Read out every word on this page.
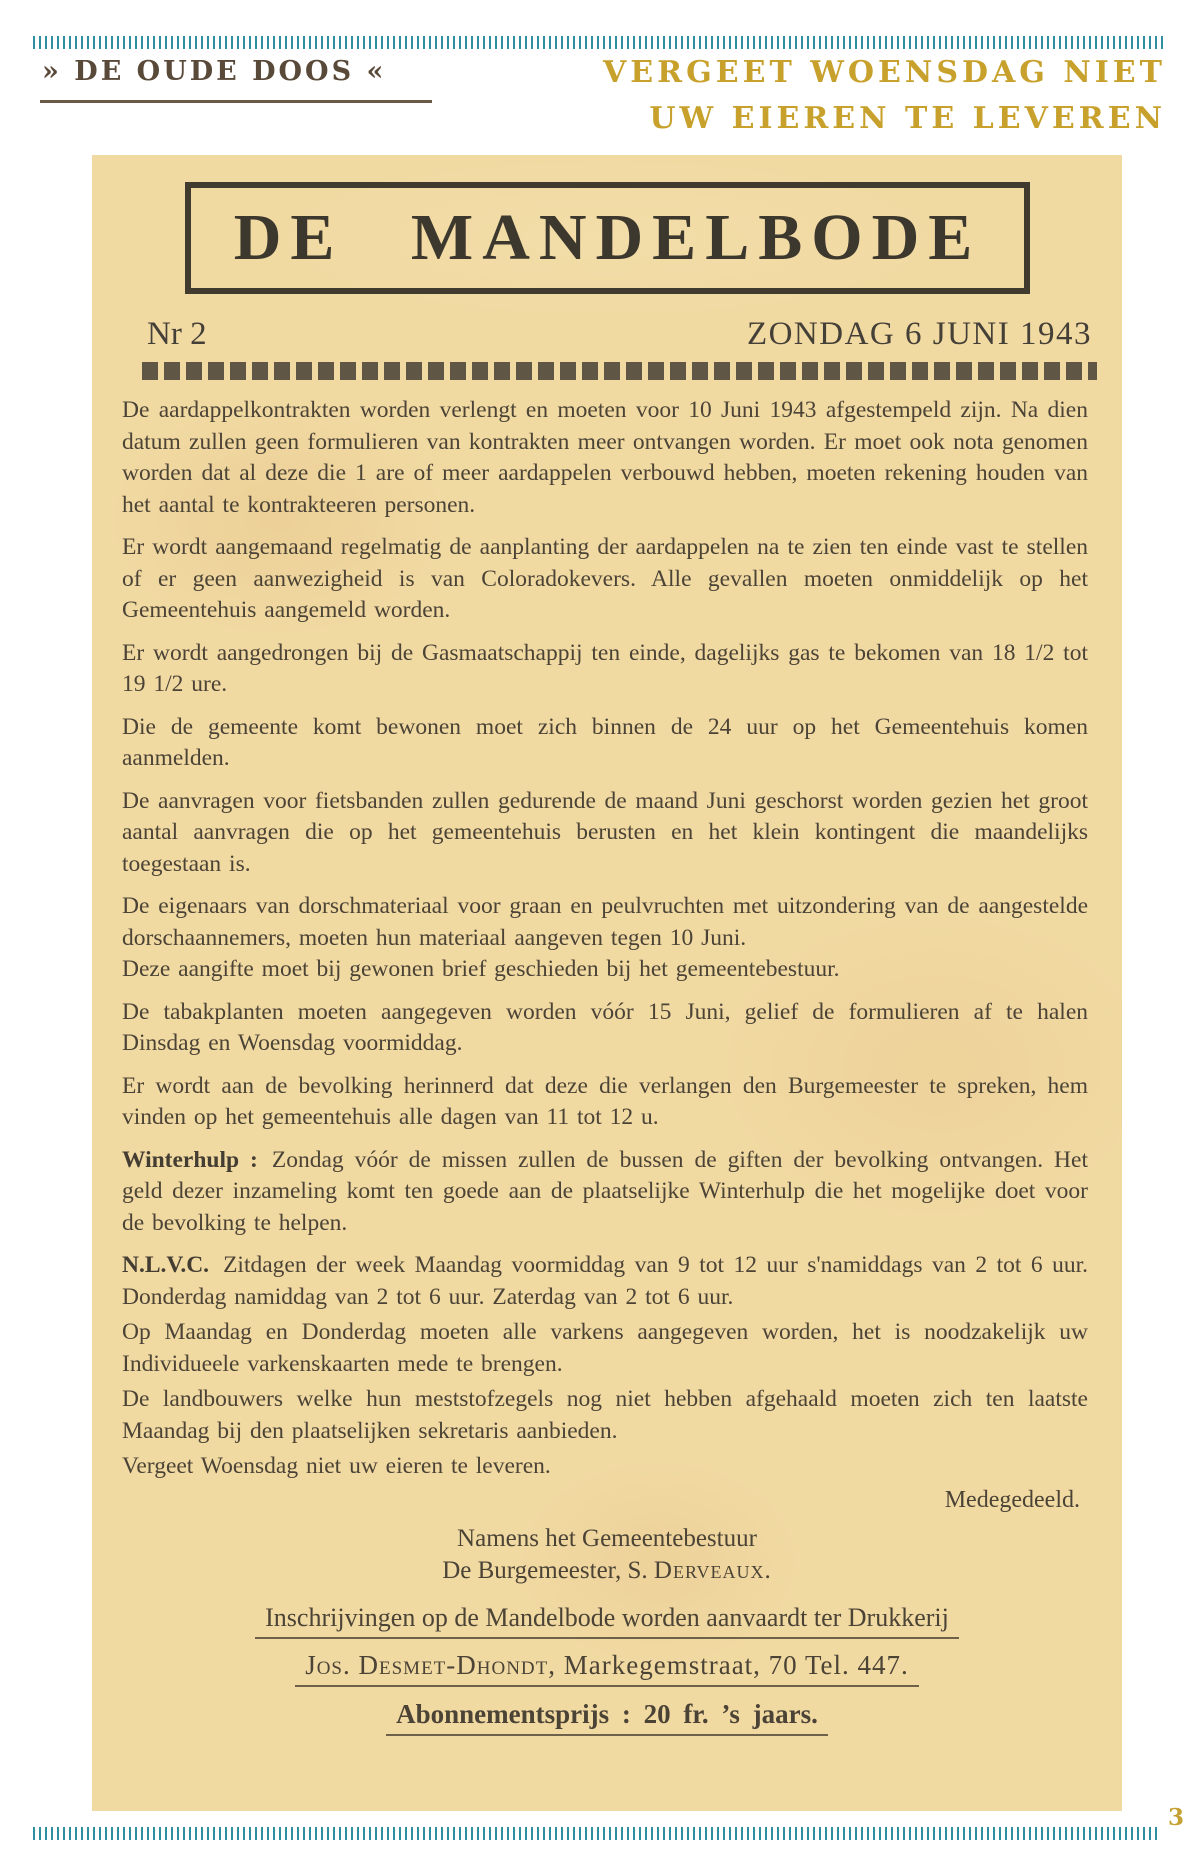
» DE OUDE DOOS «	VERGEET WOENSDAG NIET
UW EIEREN TE LEVEREN
DE MANDELBODE
Nr 2	ZONDAG 6 JUNI 1943

De aardappelkontrakten worden verlengt en moeten voor 10 Juni 1943 afgestempeld zijn. Na dien datum zullen geen formulieren van kontrakten meer ontvangen worden. Er moet ook nota genomen worden dat al deze die 1 are of meer aardappelen verbouwd hebben, moeten rekening houden van het aantal te kontrakteeren personen.

Er wordt aangemaand regelmatig de aanplanting der aardappelen na te zien ten einde vast te stellen of er geen aanwezigheid is van Coloradokevers. Alle gevallen moeten onmiddelijk op het Gemeentehuis aangemeld worden.

Er wordt aangedrongen bij de Gasmaatschappij ten einde, dagelijks gas te bekomen van 18 1/2 tot 19 1/2 ure.

Die de gemeente komt bewonen moet zich binnen de 24 uur op het Gemeentehuis komen aanmelden.

De aanvragen voor fietsbanden zullen gedurende de maand Juni geschorst worden gezien het groot aantal aanvragen die op het gemeentehuis berusten en het klein kontingent die maandelijks toegestaan is.

De eigenaars van dorschmateriaal voor graan en peulvruchten met uitzondering van de aangestelde dorschaannemers, moeten hun materiaal aangeven tegen 10 Juni.

Deze aangifte moet bij gewonen brief geschieden bij het gemeentebestuur.

De tabakplanten moeten aangegeven worden vóór 15 Juni, gelief de formulieren af te halen Dinsdag en Woensdag voormiddag.

Er wordt aan de bevolking herinnerd dat deze die verlangen den Burgemeester te spreken, hem vinden op het gemeentehuis alle dagen van 11 tot 12 u.

Winterhulp : Zondag vóór de missen zullen de bussen de giften der bevolking ontvangen. Het geld dezer inzameling komt ten goede aan de plaatselijke Winterhulp die het mogelijke doet voor de bevolking te helpen.

N.L.V.C. Zitdagen der week Maandag voormiddag van 9 tot 12 uur s'namiddags van 2 tot 6 uur. Donderdag namiddag van 2 tot 6 uur. Zaterdag van 2 tot 6 uur.

Op Maandag en Donderdag moeten alle varkens aangegeven worden, het is noodzakelijk uw Individueele varkenskaarten mede te brengen.

De landbouwers welke hun meststofzegels nog niet hebben afgehaald moeten zich ten laatste Maandag bij den plaatselijken sekretaris aanbieden.

Vergeet Woensdag niet uw eieren te leveren.

Medegedeeld.
Namens het Gemeentebestuur
De Burgemeester, S. Derveaux.
Inschrijvingen op de Mandelbode worden aanvaardt ter Drukkerij
Jos. Desmet-Dhondt, Markegemstraat, 70 Tel. 447.
Abonnementsprijs : 20 fr. ’s jaars.
3
